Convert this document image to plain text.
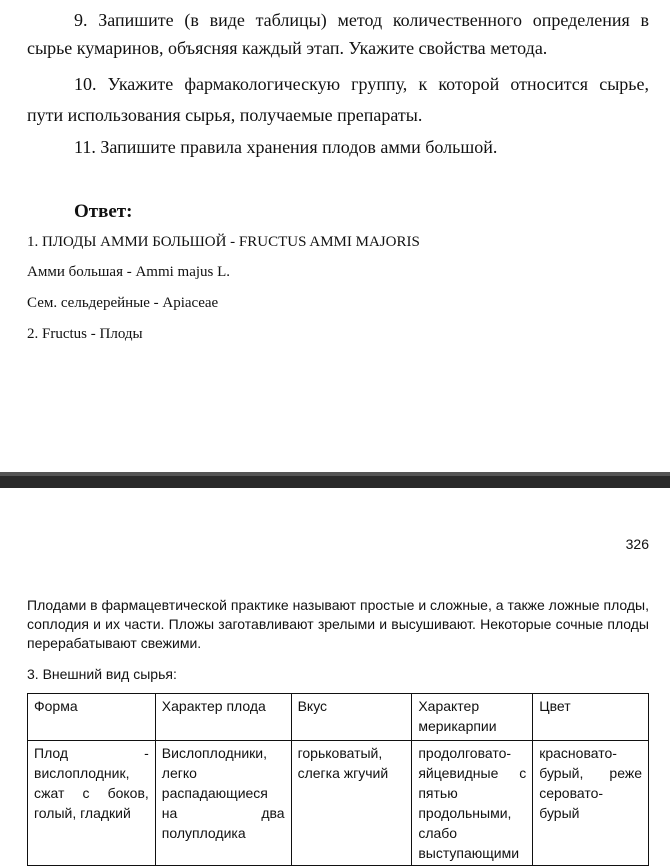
9. Запишите (в виде таблицы) метод количественного определения в
сырье кумаринов, объясняя каждый этап. Укажите свойства метода.
10. Укажите фармакологическую группу, к которой относится сырье,
пути использования сырья, получаемые препараты.
11. Запишите правила хранения плодов амми большой.
Ответ:
1. ПЛОДЫ АММИ БОЛЬШОЙ - FRUCTUS AMMI MAJORIS
Амми большая - Ammi majus L.
Сем. сельдерейные - Apiaceae
2. Fructus - Плоды
326
Плодами в фармацевтической практике называют простые и сложные, а также ложные плоды, соплодия и их части. Пложы заготавливают зрелыми и высушивают. Некоторые сочные плоды перерабатывают свежими.
3. Внешний вид сырья:
Форма	Характер плода	Вкус	Характер мерикарпии	Цвет
Плод - вислоплодник, сжат с боков, голый, гладкий	Вислоплодники, легко распадающиеся на два полуплодика	горьковатый, слегка жгучий	продолговато-яйцевидные с пятью продольными, слабо выступающими	красновато-бурый, реже серовато-бурый
